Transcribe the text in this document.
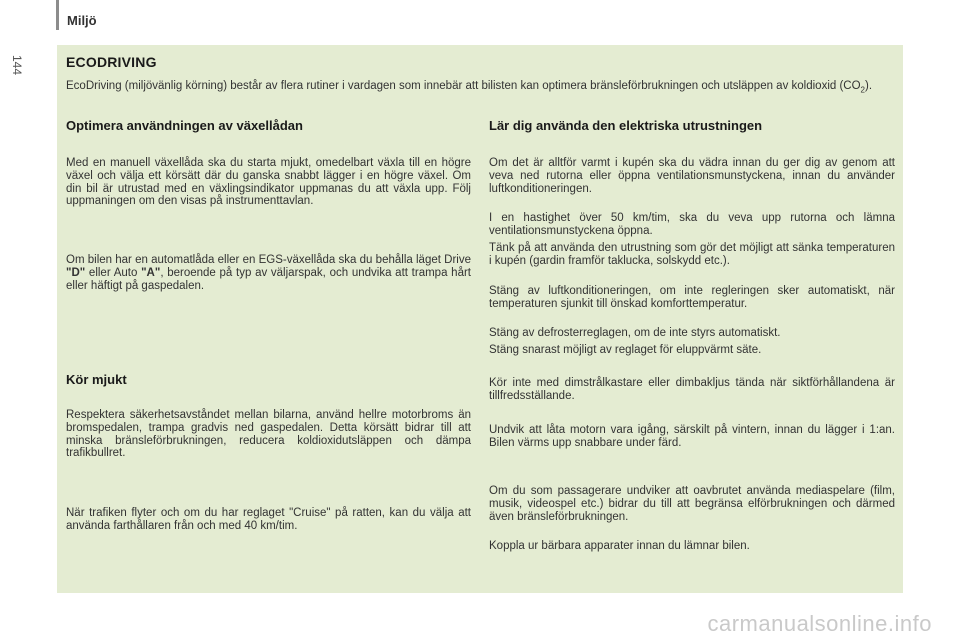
Miljö
144	ECODRIVING

EcoDriving (miljövänlig körning) består av flera rutiner i vardagen som innebär att bilisten kan optimera bränsleförbrukningen och utsläppen av koldioxid $(CO_2)$.

Optimera användningen av växellådan

Med en manuell växellåda ska du starta mjukt, omedelbart växla till en högre växel och välja ett körsätt där du ganska snabbt lägger i en högre växel. Om din bil är utrustad med en växlingsindikator uppmanas du att växla upp. Följ uppmaningen om den visas på instrumenttavlan.

Om bilen har en automatlåda eller en EGS-växellåda ska du behålla läget Drive "D" eller Auto "A", beroende på typ av väljarspak, och undvika att trampa hårt eller häftigt på gaspedalen.

Kör mjukt

Respektera säkerhetsavståndet mellan bilarna, använd hellre motorbroms än bromspedalen, trampa gradvis ned gaspedalen. Detta körsätt bidrar till att minska bränsleförbrukningen, reducera koldioxidutsläppen och dämpa trafikbullret.

När trafiken flyter och om du har reglaget "Cruise" på ratten, kan du välja att använda farthållaren från och med 40 km/tim.

Lär dig använda den elektriska utrustningen

Om det är alltför varmt i kupén ska du vädra innan du ger dig av genom att veva ned rutorna eller öppna ventilationsmunstyckena, innan du använder luftkonditioneringen.

I en hastighet över 50 km/tim, ska du veva upp rutorna och lämna ventilationsmunstyckena öppna.

Tänk på att använda den utrustning som gör det möjligt att sänka temperaturen i kupén (gardin framför taklucka, solskydd etc.).

Stäng av luftkonditioneringen, om inte regleringen sker automatiskt, när temperaturen sjunkit till önskad komforttemperatur.

Stäng av defrosterreglagen, om de inte styrs automatiskt.

Stäng snarast möjligt av reglaget för eluppvärmt säte.

Kör inte med dimstrålkastare eller dimbakljus tända när siktförhållandena är tillfredsställande.

Undvik att låta motorn vara igång, särskilt på vintern, innan du lägger i 1:an. Bilen värms upp snabbare under färd.

Om du som passagerare undviker att oavbrutet använda mediaspelare (film, musik, videospel etc.) bidrar du till att begränsa elförbrukningen och därmed även bränsleförbrukningen.

Koppla ur bärbara apparater innan du lämnar bilen.

carmanualsonline.info
